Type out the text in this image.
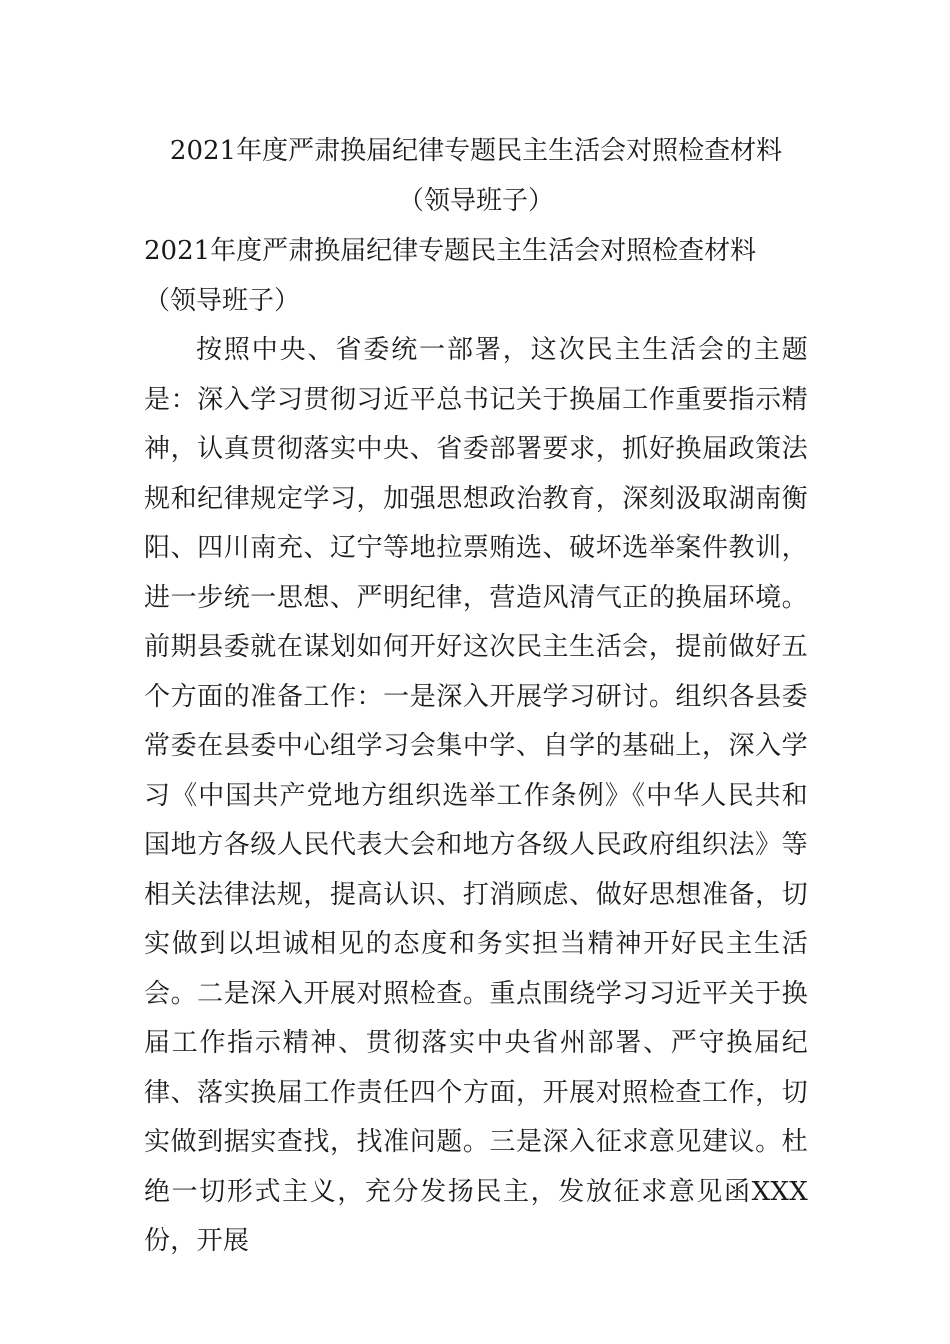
2021年度严肃换届纪律专题民主生活会对照检查材料（领导班子）
2021年度严肃换届纪律专题民主生活会对照检查材料（领导班子）

按照中央、省委统一部署，这次民主生活会的主题是：深入学习贯彻习近平总书记关于换届工作重要指示精神，认真贯彻落实中央、省委部署要求，抓好换届政策法规和纪律规定学习，加强思想政治教育，深刻汲取湖南衡阳、四川南充、辽宁等地拉票贿选、破坏选举案件教训，进一步统一思想、严明纪律，营造风清气正的换届环境。前期县委就在谋划如何开好这次民主生活会，提前做好五个方面的准备工作：一是深入开展学习研讨。组织各县委常委在县委中心组学习会集中学、自学的基础上，深入学习《中国共产党地方组织选举工作条例》《中华人民共和国地方各级人民代表大会和地方各级人民政府组织法》等相关法律法规，提高认识、打消顾虑、做好思想准备，切实做到以坦诚相见的态度和务实担当精神开好民主生活会。二是深入开展对照检查。重点围绕学习习近平关于换届工作指示精神、贯彻落实中央省州部署、严守换届纪律、落实换届工作责任四个方面，开展对照检查工作，切实做到据实查找，找准问题。三是深入征求意见建议。杜绝一切形式主义，充分发扬民主，发放征求意见函XXX份，开展
